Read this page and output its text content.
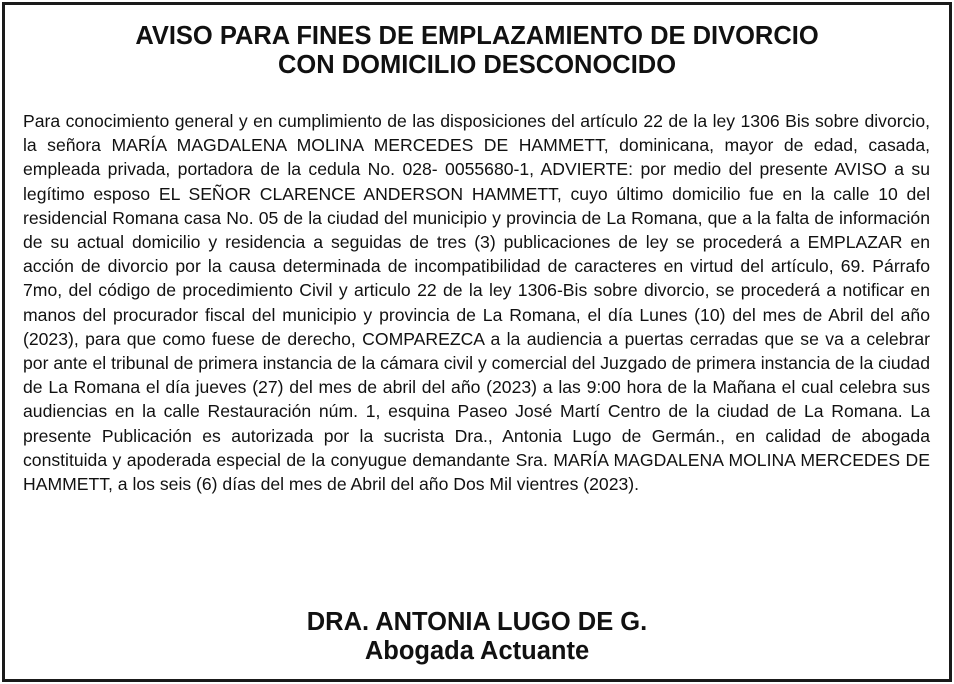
AVISO PARA FINES DE EMPLAZAMIENTO DE DIVORCIO
CON DOMICILIO DESCONOCIDO

Para conocimiento general y en cumplimiento de las disposiciones del artículo 22 de la ley 1306 Bis sobre divorcio, la señora MARÍA MAGDALENA MOLINA MERCEDES DE HAMMETT, dominicana, mayor de edad, casada, empleada privada, portadora de la cedula No. 028- 0055680-1, ADVIERTE: por medio del presente AVISO a su legítimo esposo EL SEÑOR CLARENCE ANDERSON HAMMETT, cuyo último domicilio fue en la calle 10 del residencial Romana casa No. 05 de la ciudad del municipio y provincia de La Romana, que a la falta de información de su actual domicilio y residencia a seguidas de tres (3) publicaciones de ley se procederá a EMPLAZAR en acción de divorcio por la causa determinada de incompatibilidad de caracteres en virtud del artículo, 69. Párrafo 7mo, del código de procedimiento Civil y articulo 22 de la ley 1306-Bis sobre divorcio, se procederá a notificar en manos del procurador fiscal del municipio y provincia de La Romana, el día Lunes (10) del mes de Abril del año (2023), para que como fuese de derecho, COMPAREZCA a la audiencia a puertas cerradas que se va a celebrar por ante el tribunal de primera instancia de la cámara civil y comercial del Juzgado de primera instancia de la ciudad de La Romana el día jueves (27) del mes de abril del año (2023) a las 9:00 hora de la Mañana el cual celebra sus audiencias en la calle Restauración núm. 1, esquina Paseo José Martí Centro de la ciudad de La Romana. La presente Publicación es autorizada por la sucrista Dra., Antonia Lugo de Germán., en calidad de abogada constituida y apoderada especial de la conyugue demandante Sra. MARÍA MAGDALENA MOLINA MERCEDES DE HAMMETT, a los seis (6) días del mes de Abril del año Dos Mil vientres (2023).

DRA. ANTONIA LUGO DE G.
Abogada Actuante
